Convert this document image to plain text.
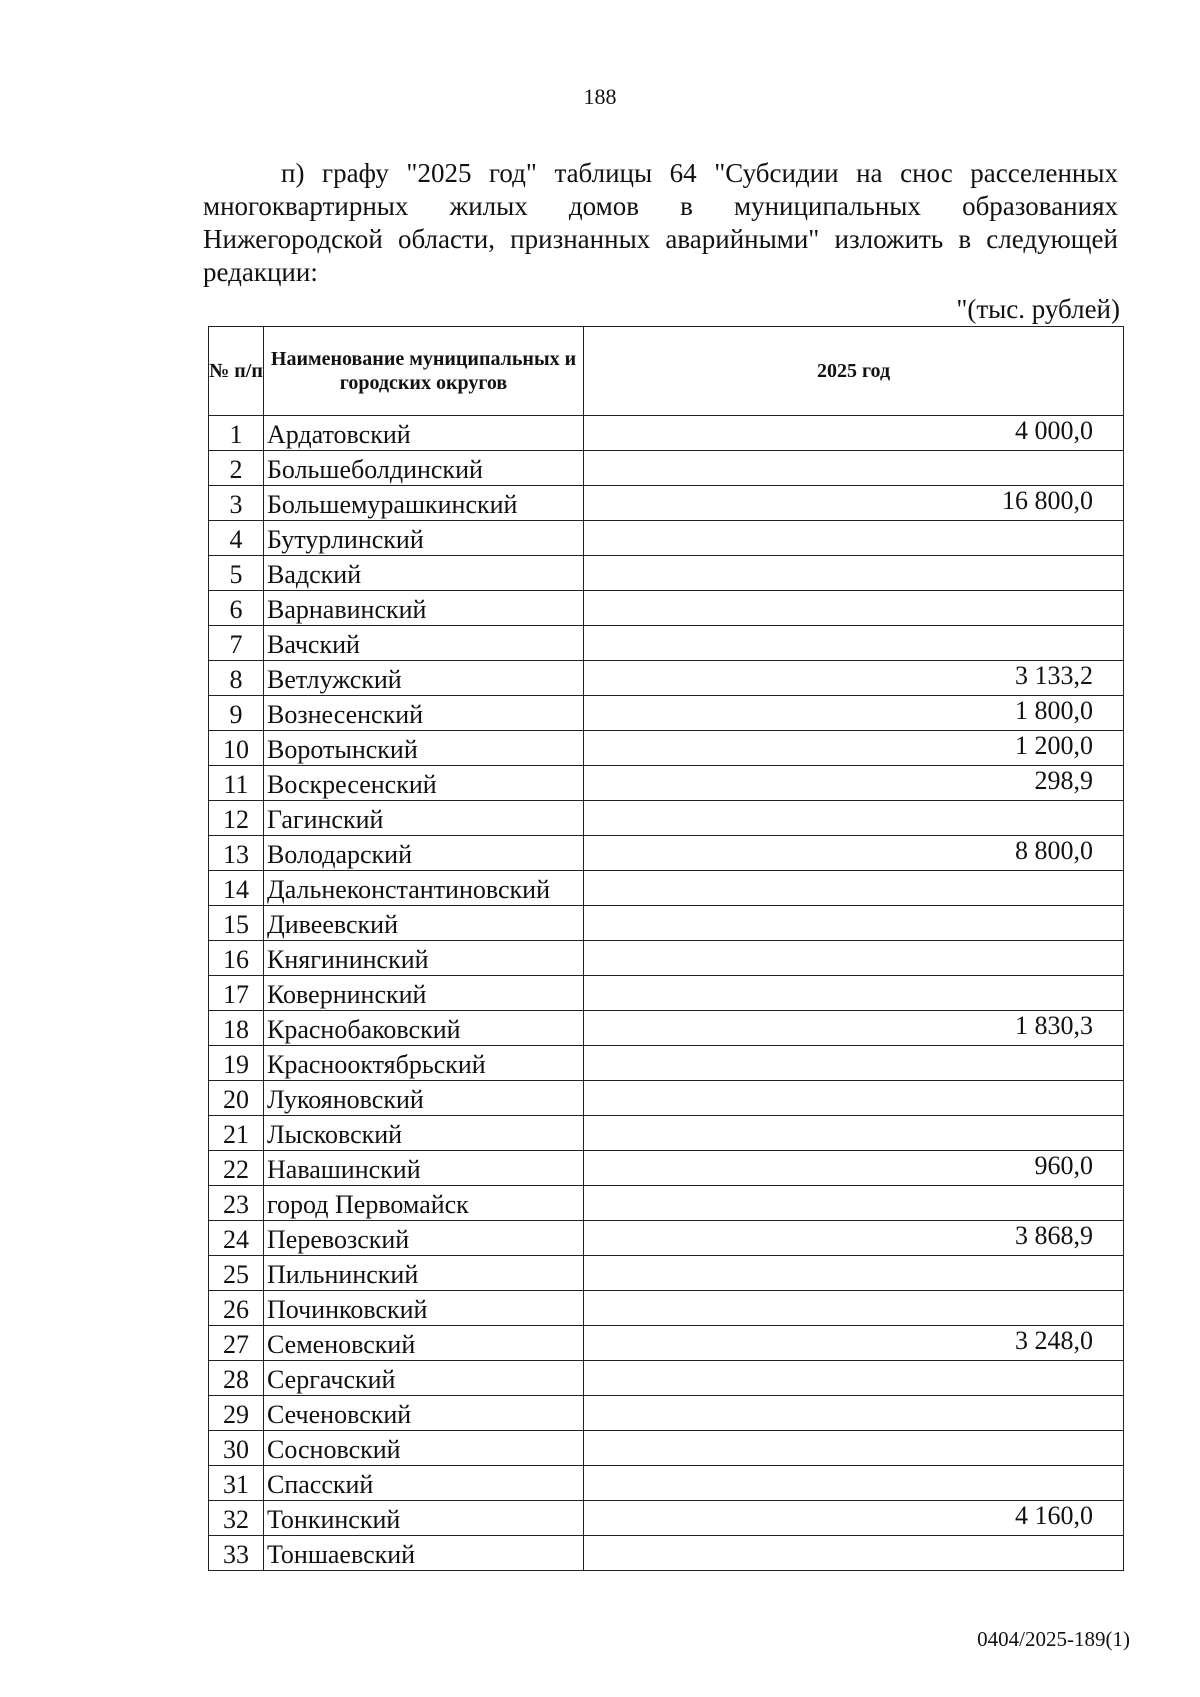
188

п) графу "2025 год" таблицы 64 "Субсидии на снос расселенных многоквартирных жилых домов в муниципальных образованиях Нижегородской области, признанных аварийными" изложить в следующей редакции:

"(тыс. рублей)
№ п/п	Наименование муниципальных и городских округов	2025 год
1	Ардатовский	4 000,0
2	Большеболдинский	
3	Большемурашкинский	16 800,0
4	Бутурлинский	
5	Вадский	
6	Варнавинский	
7	Вачский	
8	Ветлужский	3 133,2
9	Вознесенский	1 800,0
10	Воротынский	1 200,0
11	Воскресенский	298,9
12	Гагинский	
13	Володарский	8 800,0
14	Дальнеконстантиновский	
15	Дивеевский	
16	Княгининский	
17	Ковернинский	
18	Краснобаковский	1 830,3
19	Краснооктябрьский	
20	Лукояновский	
21	Лысковский	
22	Навашинский	960,0
23	город Первомайск	
24	Перевозский	3 868,9
25	Пильнинский	
26	Починковский	
27	Семеновский	3 248,0
28	Сергачский	
29	Сеченовский	
30	Сосновский	
31	Спасский	
32	Тонкинский	4 160,0
33	Тоншаевский	
0404/2025-189(1)
